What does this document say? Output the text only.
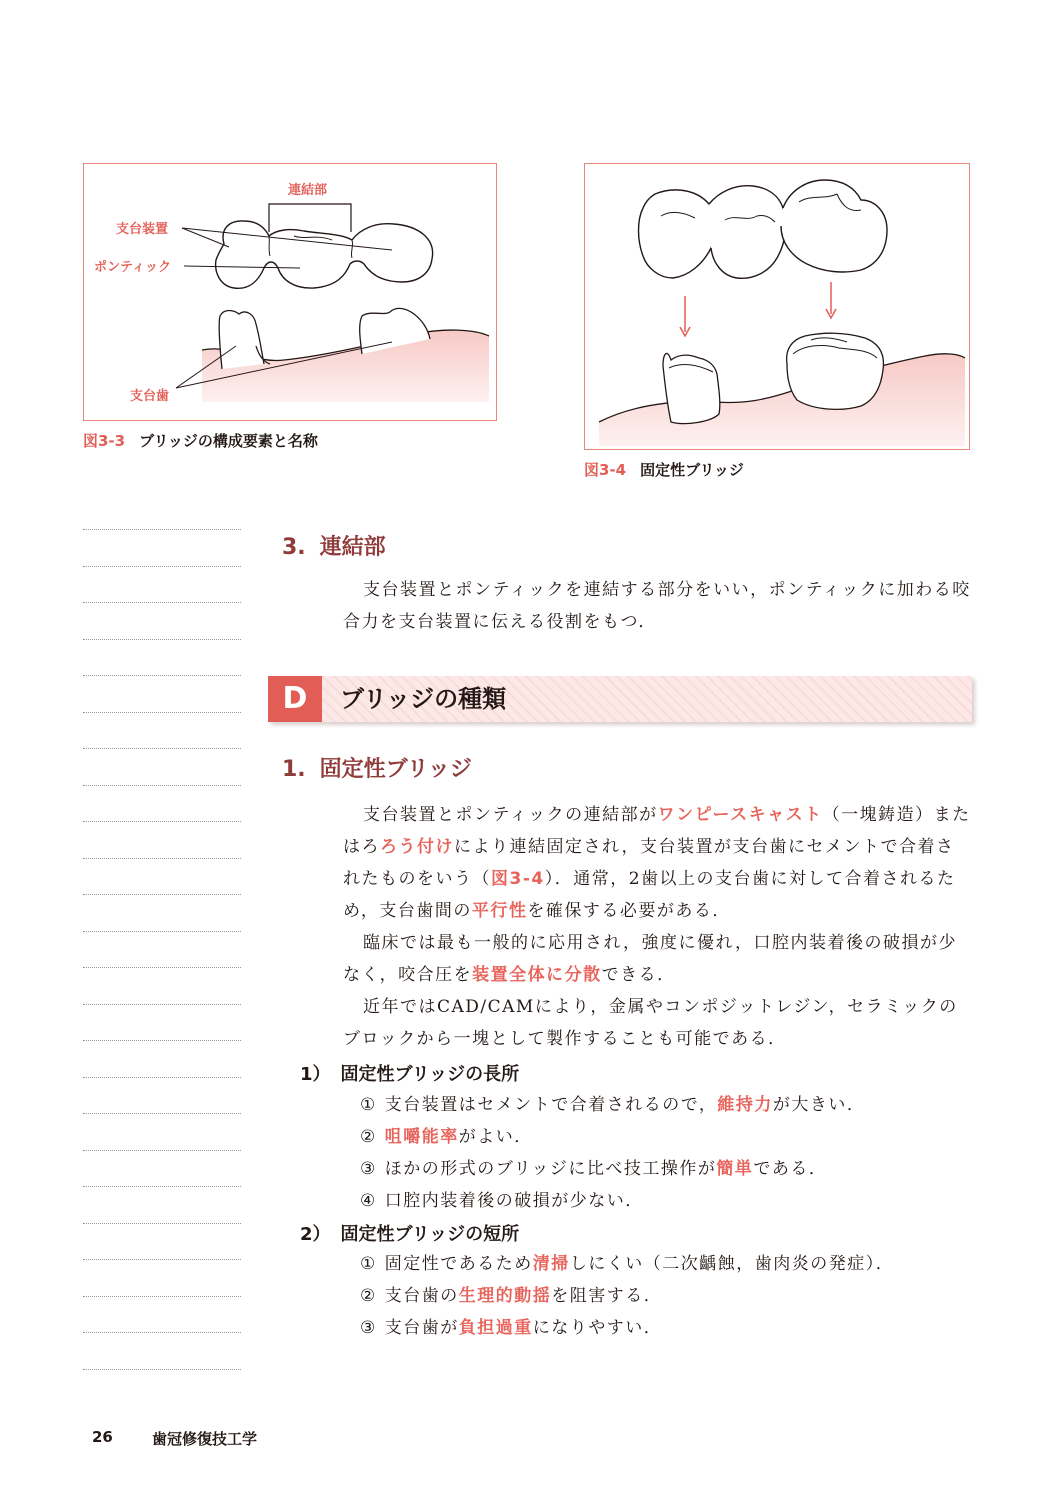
連結部
支台装置
ポンティック
支台歯
図3-3 ブリッジの構成要素と名称
図3-4 固定性ブリッジ
3. 連結部

支台装置とポンティックを連結する部分をいい，ポンティックに加わる咬合力を支台装置に伝える役割をもつ．

D	ブリッジの種類
1. 固定性ブリッジ

支台装置とポンティックの連結部がワンピースキャスト（一塊鋳造）またはろろう付けにより連結固定され，支台装置が支台歯にセメントで合着されたものをいう（図3-4）．通常，2歯以上の支台歯に対して合着されるため，支台歯間の平行性を確保する必要がある．

臨床では最も一般的に応用され，強度に優れ，口腔内装着後の破損が少なく，咬合圧を装置全体に分散できる．

近年ではCAD/CAMにより，金属やコンポジットレジン，セラミックのブロックから一塊として製作することも可能である．

1） 固定性ブリッジの長所
① 支台装置はセメントで合着されるので，維持力が大きい．
② 咀嚼能率がよい．
③ ほかの形式のブリッジに比べ技工操作が簡単である．
④ 口腔内装着後の破損が少ない．
2） 固定性ブリッジの短所
① 固定性であるため清掃しにくい（二次齲蝕，歯肉炎の発症）．
② 支台歯の生理的動揺を阻害する．
③ 支台歯が負担過重になりやすい．
26	歯冠修復技工学
